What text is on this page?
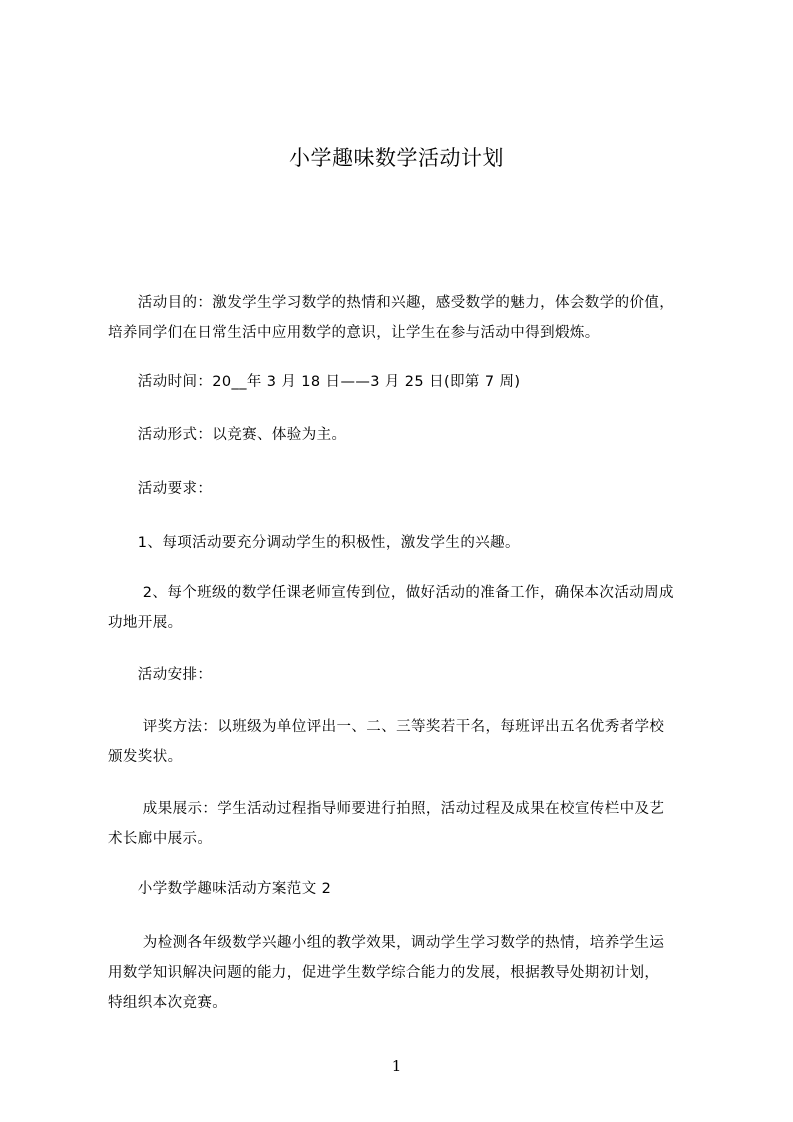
小学趣味数学活动计划
　　活动目的：激发学生学习数学的热情和兴趣，感受数学的魅力，体会数学的价值，
培养同学们在日常生活中应用数学的意识，让学生在参与活动中得到煅炼。
　　活动时间：20__年 3 月 18 日——3 月 25 日(即第 7 周)
　　活动形式：以竞赛、体验为主。
　　活动要求：
　　1、每项活动要充分调动学生的积极性，激发学生的兴趣。
　　 2、每个班级的数学任课老师宣传到位，做好活动的准备工作，确保本次活动周成
功地开展。
　　活动安排：
　　 评奖方法：以班级为单位评出一、二、三等奖若干名，每班评出五名优秀者学校
颁发奖状。
　　 成果展示：学生活动过程指导师要进行拍照，活动过程及成果在校宣传栏中及艺
术长廊中展示。
　　小学数学趣味活动方案范文 2
　　 为检测各年级数学兴趣小组的教学效果，调动学生学习数学的热情，培养学生运
用数学知识解决问题的能力，促进学生数学综合能力的发展，根据教导处期初计划，
特组织本次竞赛。
1
